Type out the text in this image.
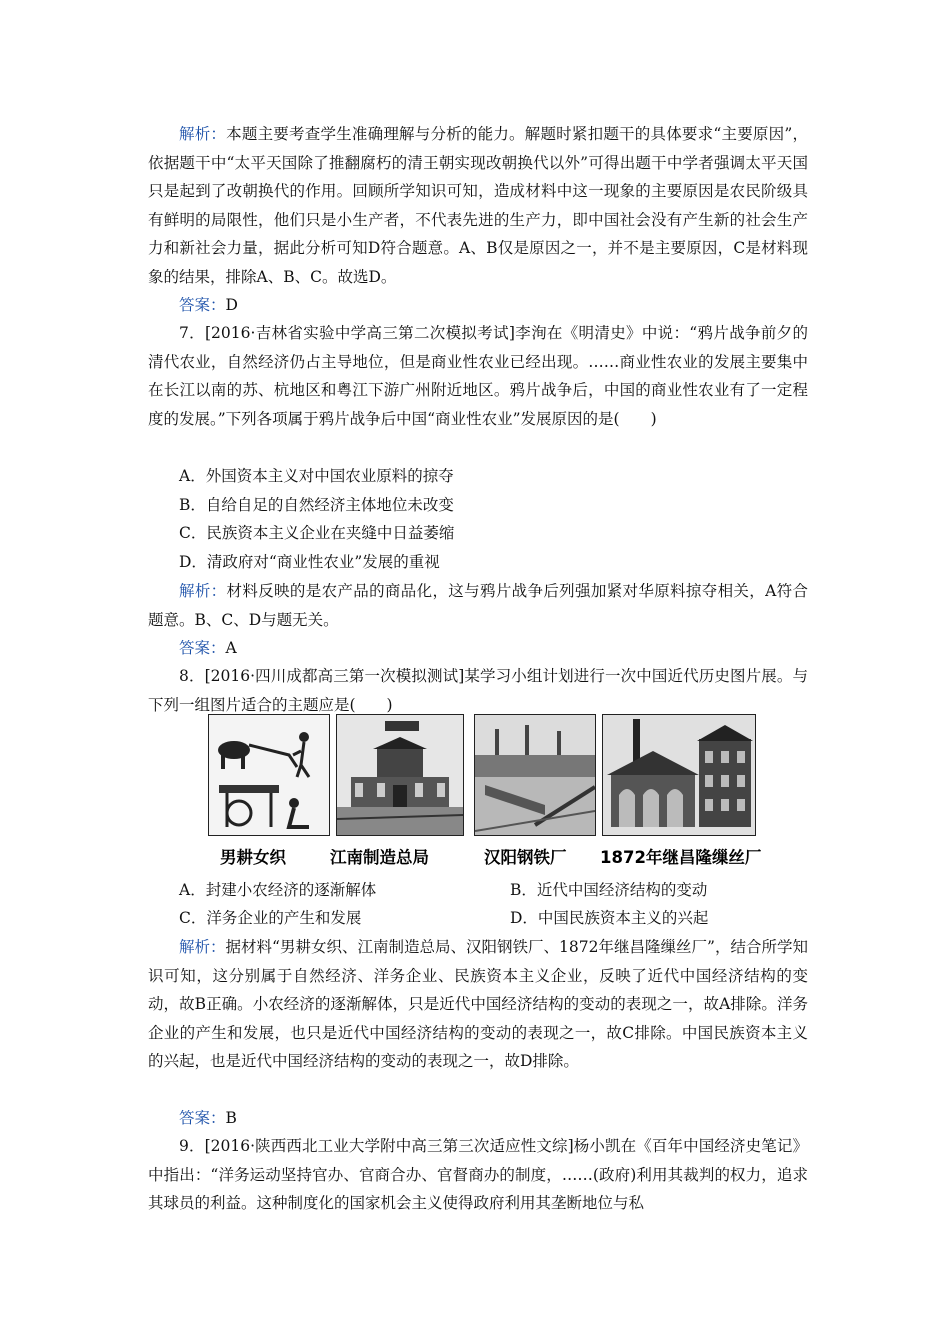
解析：本题主要考查学生准确理解与分析的能力。解题时紧扣题干的具体要求“主要原因”，依据题干中“太平天国除了推翻腐朽的清王朝实现改朝换代以外”可得出题干中学者强调太平天国只是起到了改朝换代的作用。回顾所学知识可知，造成材料中这一现象的主要原因是农民阶级具有鲜明的局限性，他们只是小生产者，不代表先进的生产力，即中国社会没有产生新的社会生产力和新社会力量，据此分析可知D符合题意。A、B仅是原因之一，并不是主要原因，C是材料现象的结果，排除A、B、C。故选D。

答案：D

7．[2016·吉林省实验中学高三第二次模拟考试]李洵在《明清史》中说：“鸦片战争前夕的清代农业，自然经济仍占主导地位，但是商业性农业已经出现。……商业性农业的发展主要集中在长江以南的苏、杭地区和粤江下游广州附近地区。鸦片战争后，中国的商业性农业有了一定程度的发展。”下列各项属于鸦片战争后中国“商业性农业”发展原因的是(　　)

A．外国资本主义对中国农业原料的掠夺
B．自给自足的自然经济主体地位未改变
C．民族资本主义企业在夹缝中日益萎缩
D．清政府对“商业性农业”发展的重视

解析：材料反映的是农产品的商品化，这与鸦片战争后列强加紧对华原料掠夺相关，A符合题意。B、C、D与题无关。

答案：A

8．[2016·四川成都高三第一次模拟测试]某学习小组计划进行一次中国近代历史图片展。与下列一组图片适合的主题应是(　　)

男耕女织	江南制造总局	汉阳钢铁厂 1872年继昌隆缫丝厂
A．封建小农经济的逐渐解体	B．近代中国经济结构的变动
C．洋务企业的产生和发展	D．中国民族资本主义的兴起

解析：据材料“男耕女织、江南制造总局、汉阳钢铁厂、1872年继昌隆缫丝厂”，结合所学知识可知，这分别属于自然经济、洋务企业、民族资本主义企业，反映了近代中国经济结构的变动，故B正确。小农经济的逐渐解体，只是近代中国经济结构的变动的表现之一，故A排除。洋务企业的产生和发展，也只是近代中国经济结构的变动的表现之一，故C排除。中国民族资本主义的兴起，也是近代中国经济结构的变动的表现之一，故D排除。

答案：B

9．[2016·陕西西北工业大学附中高三第三次适应性文综]杨小凯在《百年中国经济史笔记》中指出：“洋务运动坚持官办、官商合办、官督商办的制度，……(政府)利用其裁判的权力，追求其球员的利益。这种制度化的国家机会主义使得政府利用其垄断地位与私
